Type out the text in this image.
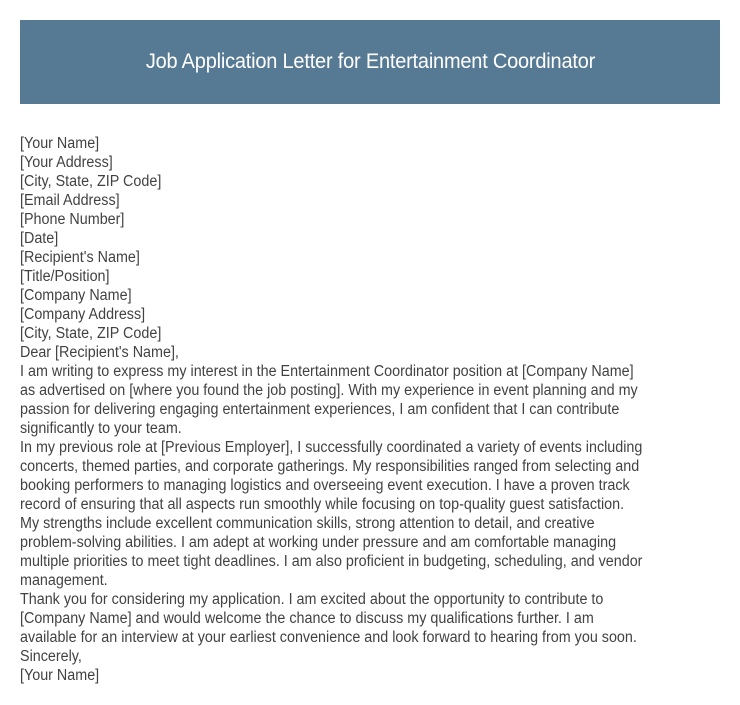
Job Application Letter for Entertainment Coordinator
[Your Name]
[Your Address]
[City, State, ZIP Code]
[Email Address]
[Phone Number]
[Date]
[Recipient's Name]
[Title/Position]
[Company Name]
[Company Address]
[City, State, ZIP Code]
Dear [Recipient's Name],
I am writing to express my interest in the Entertainment Coordinator position at [Company Name]
as advertised on [where you found the job posting]. With my experience in event planning and my
passion for delivering engaging entertainment experiences, I am confident that I can contribute
significantly to your team.
In my previous role at [Previous Employer], I successfully coordinated a variety of events including
concerts, themed parties, and corporate gatherings. My responsibilities ranged from selecting and
booking performers to managing logistics and overseeing event execution. I have a proven track
record of ensuring that all aspects run smoothly while focusing on top-quality guest satisfaction.
My strengths include excellent communication skills, strong attention to detail, and creative
problem-solving abilities. I am adept at working under pressure and am comfortable managing
multiple priorities to meet tight deadlines. I am also proficient in budgeting, scheduling, and vendor
management.
Thank you for considering my application. I am excited about the opportunity to contribute to
[Company Name] and would welcome the chance to discuss my qualifications further. I am
available for an interview at your earliest convenience and look forward to hearing from you soon.
Sincerely,
[Your Name]
